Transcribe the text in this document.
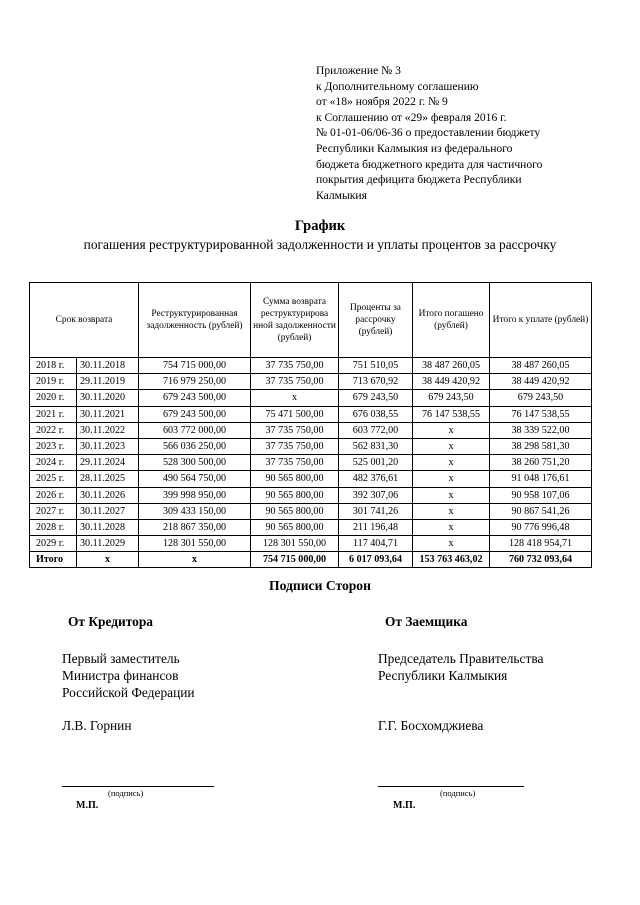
Приложение № 3
к Дополнительному соглашению
от «18» ноября 2022 г. № 9
к Соглашению от «29» февраля 2016 г.
№ 01-01-06/06-36 о предоставлении бюджету
Республики Калмыкия из федерального
бюджета бюджетного кредита для частичного
покрытия дефицита бюджета Республики
Калмыкия
График
погашения реструктурированной задолженности и уплаты процентов за рассрочку
Срок возврата		Реструктурированная задолженность (рублей)	Сумма возврата реструктурирова нной задолженности (рублей)	Проценты за рассрочку (рублей)	Итого погашено (рублей)	Итого к уплате (рублей)
2018 г.	30.11.2018	754 715 000,00	37 735 750,00	751 510,05	38 487 260,05	38 487 260,05
2019 г.	29.11.2019	716 979 250,00	37 735 750,00	713 670,92	38 449 420,92	38 449 420,92
2020 г.	30.11.2020	679 243 500,00	x	679 243,50	679 243,50	679 243,50
2021 г.	30.11.2021	679 243 500,00	75 471 500,00	676 038,55	76 147 538,55	76 147 538,55
2022 г.	30.11.2022	603 772 000,00	37 735 750,00	603 772,00	x	38 339 522,00
2023 г.	30.11.2023	566 036 250,00	37 735 750,00	562 831,30	x	38 298 581,30
2024 г.	29.11.2024	528 300 500,00	37 735 750,00	525 001,20	x	38 260 751,20
2025 г.	28.11.2025	490 564 750,00	90 565 800,00	482 376,61	x	91 048 176,61
2026 г.	30.11.2026	399 998 950,00	90 565 800,00	392 307,06	x	90 958 107,06
2027 г.	30.11.2027	309 433 150,00	90 565 800,00	301 741,26	x	90 867 541,26
2028 г.	30.11.2028	218 867 350,00	90 565 800,00	211 196,48	x	90 776 996,48
2029 г.	30.11.2029	128 301 550,00	128 301 550,00	117 404,71	x	128 418 954,71
Итого	x	x	754 715 000,00	6 017 093,64	153 763 463,02	760 732 093,64
Подписи Сторон
От Кредитора
Первый заместитель
Министра финансов
Российской Федерации
Л.В. Горнин
(подпись)
М.П.
От Заемщика
Председатель Правительства
Республики Калмыкия
Г.Г. Босхомджиева
(подпись)
М.П.
